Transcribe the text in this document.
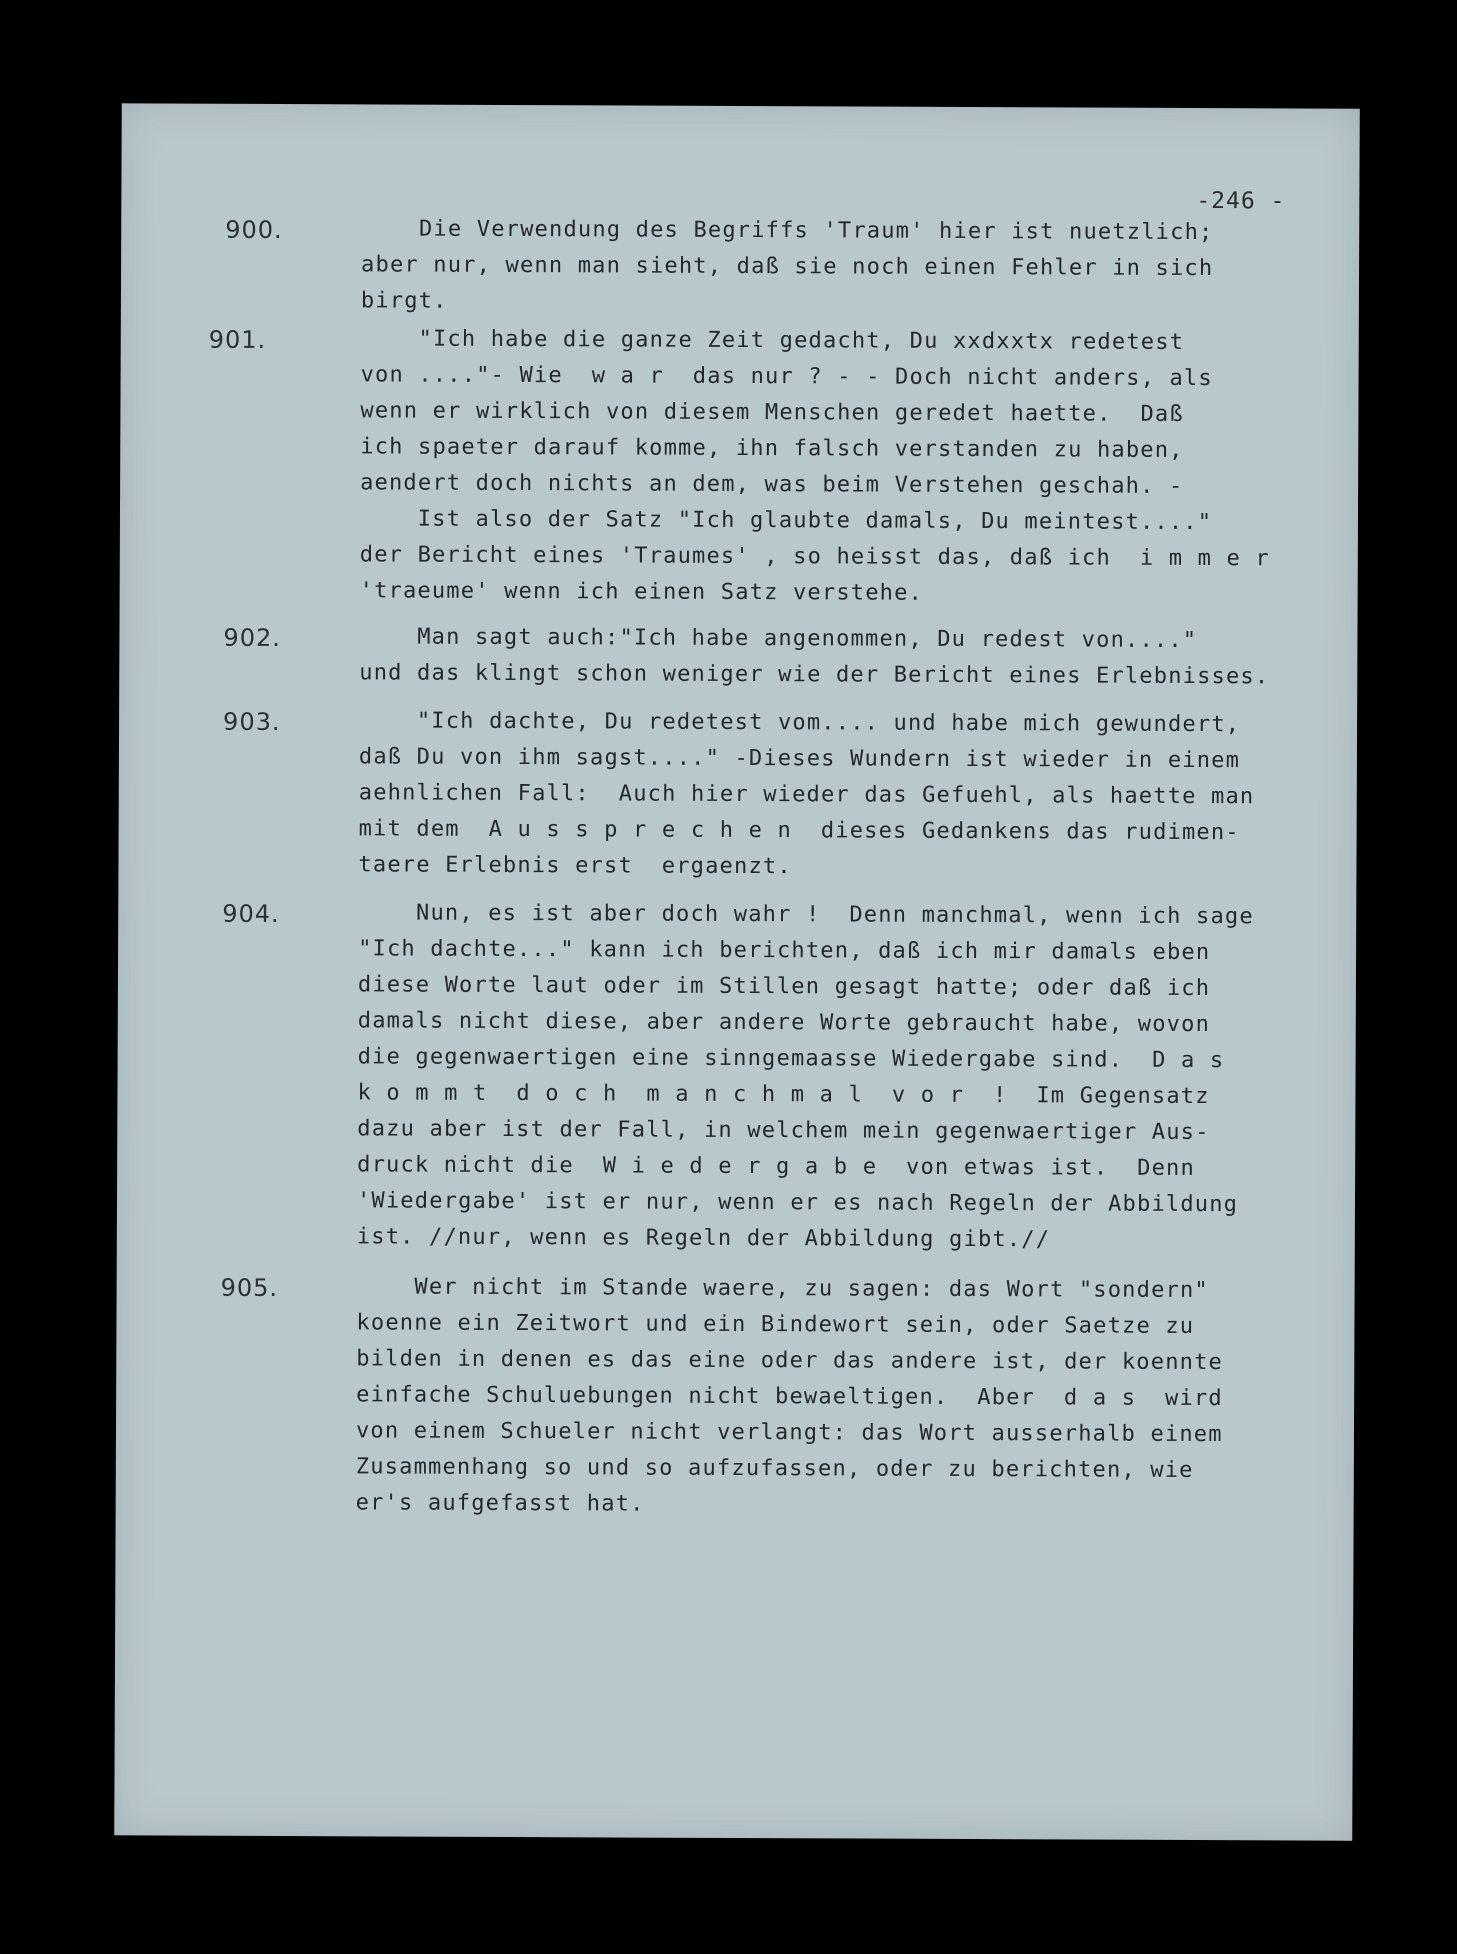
-246 -
900.	Die Verwendung des Begriffs 'Traum' hier ist nuetzlich;
aber nur, wenn man sieht, daß sie noch einen Fehler in sich
birgt.
901.	"Ich habe die ganze Zeit gedacht, Du xxdxxtx redetest
von ...."- Wie  w a r  das nur ? - - Doch nicht anders, als
wenn er wirklich von diesem Menschen geredet haette.  Daß
ich spaeter darauf komme, ihn falsch verstanden zu haben,
aendert doch nichts an dem, was beim Verstehen geschah. -
Ist also der Satz "Ich glaubte damals, Du meintest...."
der Bericht eines 'Traumes' , so heisst das, daß ich  i m m e r
'traeume' wenn ich einen Satz verstehe.
902.	Man sagt auch:"Ich habe angenommen, Du redest von...."
und das klingt schon weniger wie der Bericht eines Erlebnisses.
903.	"Ich dachte, Du redetest vom.... und habe mich gewundert,
daß Du von ihm sagst...." -Dieses Wundern ist wieder in einem
aehnlichen Fall:  Auch hier wieder das Gefuehl, als haette man
mit dem  A u s s p r e c h e n  dieses Gedankens das rudimen-
taere Erlebnis erst  ergaenzt.
904.	Nun, es ist aber doch wahr !  Denn manchmal, wenn ich sage
"Ich dachte..." kann ich berichten, daß ich mir damals eben
diese Worte laut oder im Stillen gesagt hatte; oder daß ich
damals nicht diese, aber andere Worte gebraucht habe, wovon
die gegenwaertigen eine sinngemaasse Wiedergabe sind.  D a s
k o m m t  d o c h  m a n c h m a l  v o r  !  Im Gegensatz
dazu aber ist der Fall, in welchem mein gegenwaertiger Aus-
druck nicht die  W i e d e r g a b e  von etwas ist.  Denn
'Wiedergabe' ist er nur, wenn er es nach Regeln der Abbildung
ist. //nur, wenn es Regeln der Abbildung gibt.//
905.	Wer nicht im Stande waere, zu sagen: das Wort "sondern"
koenne ein Zeitwort und ein Bindewort sein, oder Saetze zu
bilden in denen es das eine oder das andere ist, der koennte
einfache Schuluebungen nicht bewaeltigen.  Aber  d a s  wird
von einem Schueler nicht verlangt: das Wort ausserhalb einem
Zusammenhang so und so aufzufassen, oder zu berichten, wie
er's aufgefasst hat.
